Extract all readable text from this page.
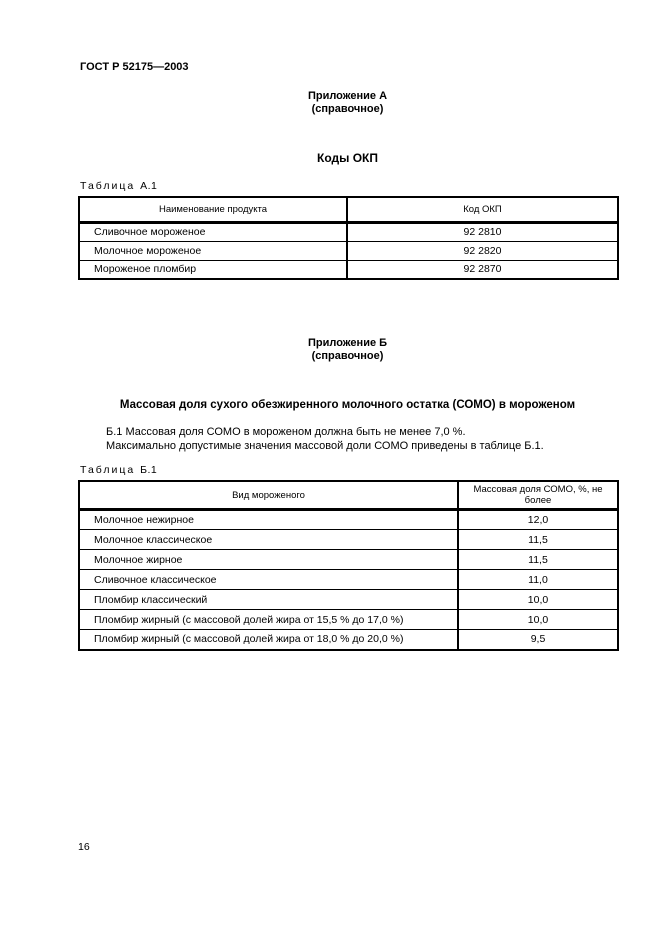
ГОСТ Р 52175—2003
Приложение А
(справочное)
Коды ОКП
Таблица А.1
Наименование продукта	Код ОКП
Сливочное мороженое	92 2810
Молочное мороженое	92 2820
Мороженое пломбир	92 2870
Приложение Б
(справочное)
Массовая доля сухого обезжиренного молочного остатка (СОМО) в мороженом

Б.1 Массовая доля СОМО в мороженом должна быть не менее 7,0 %.

Максимально допустимые значения массовой доли СОМО приведены в таблице Б.1.

Таблица Б.1
Вид мороженого	Массовая доля СОМО, %, не более
Молочное нежирное	12,0
Молочное классическое	11,5
Молочное жирное	11,5
Сливочное классическое	11,0
Пломбир классический	10,0
Пломбир жирный (с массовой долей жира от 15,5 % до 17,0 %)	10,0
Пломбир жирный (с массовой долей жира от 18,0 % до 20,0 %)	9,5
16
